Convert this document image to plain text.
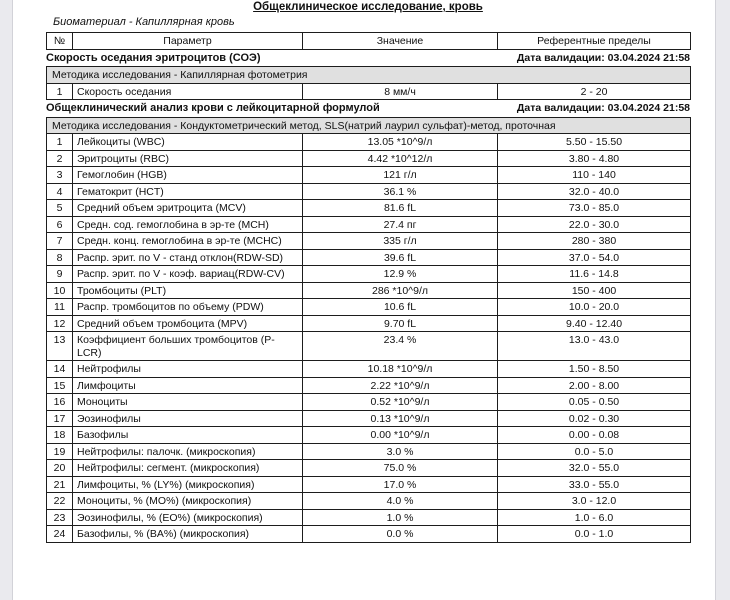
Общеклиническое исследование, кровь
Биоматериал - Капиллярная кровь
№	Параметр	Значение	Референтные пределы
Скорость оседания эритроцитов (СОЭ)	Дата валидации: 03.04.2024 21:58
Методика исследования - Капиллярная фотометрия
1	Скорость оседания	8 мм/ч	2 - 20
Общеклинический анализ крови с лейкоцитарной формулой	Дата валидации: 03.04.2024 21:58
Методика исследования - Кондуктометрический метод, SLS(натрий лаурил сульфат)-метод, проточная			
1	Лейкоциты (WBC)	13.05 *10^9/л	5.50 - 15.50
2	Эритроциты (RBC)	4.42 *10^12/л	3.80 - 4.80
3	Гемоглобин (HGB)	121 г/л	110 - 140
4	Гематокрит (HCT)	36.1 %	32.0 - 40.0
5	Средний объем эритроцита (MCV)	81.6 fL	73.0 - 85.0
6	Средн. сод. гемоглобина в эр-те (MCH)	27.4 пг	22.0 - 30.0
7	Средн. конц. гемоглобина в эр-те (MCHC)	335 г/л	280 - 380
8	Распр. эрит. по V - станд отклон(RDW-SD)	39.6 fL	37.0 - 54.0
9	Распр. эрит. по V - коэф. вариац(RDW-CV)	12.9 %	11.6 - 14.8
10	Тромбоциты (PLT)	286 *10^9/л	150 - 400
11	Распр. тромбоцитов по объему (PDW)	10.6 fL	10.0 - 20.0
12	Средний объем тромбоцита (MPV)	9.70 fL	9.40 - 12.40
13	Коэффициент больших тромбоцитов (P-LCR)	23.4 %	13.0 - 43.0
14	Нейтрофилы	10.18 *10^9/л	1.50 - 8.50
15	Лимфоциты	2.22 *10^9/л	2.00 - 8.00
16	Моноциты	0.52 *10^9/л	0.05 - 0.50
17	Эозинофилы	0.13 *10^9/л	0.02 - 0.30
18	Базофилы	0.00 *10^9/л	0.00 - 0.08
19	Нейтрофилы: палочк. (микроскопия)	3.0 %	0.0 - 5.0
20	Нейтрофилы: сегмент. (микроскопия)	75.0 %	32.0 - 55.0
21	Лимфоциты, % (LY%) (микроскопия)	17.0 %	33.0 - 55.0
22	Моноциты, % (MO%) (микроскопия)	4.0 %	3.0 - 12.0
23	Эозинофилы, % (EO%) (микроскопия)	1.0 %	1.0 - 6.0
24	Базофилы, % (BA%) (микроскопия)	0.0 %	0.0 - 1.0
